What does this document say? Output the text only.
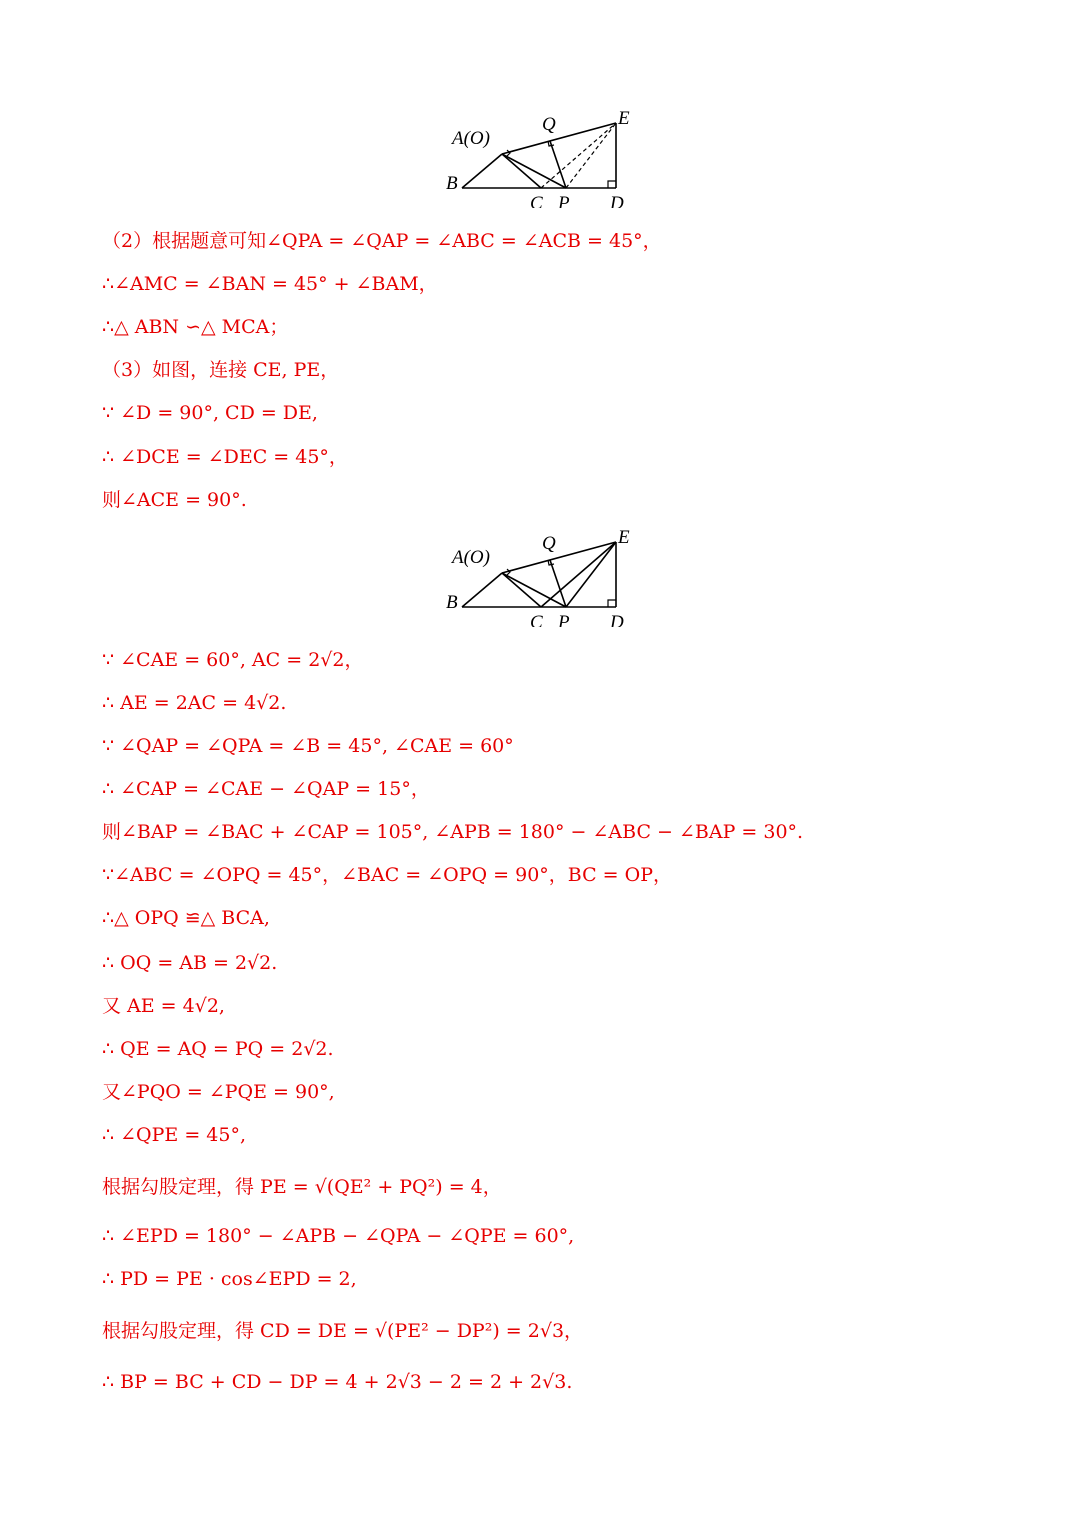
A(O)
Q	E
B
C P D
（2）根据题意可知∠QPA = ∠QAP = ∠ABC = ∠ACB = 45°，
∴∠AMC = ∠BAN = 45° + ∠BAM，
∴△ ABN ∽△ MCA；
（3）如图，连接 CE, PE，
∵ ∠D = 90°, CD = DE,
∴ ∠DCE = ∠DEC = 45°，
则∠ACE = 90°.
A(O)
Q	E
B
C P D
∵ ∠CAE = 60°, AC = 2√2，
∴ AE = 2AC = 4√2.
∵ ∠QAP = ∠QPA = ∠B = 45°, ∠CAE = 60°
∴ ∠CAP = ∠CAE − ∠QAP = 15°，
则∠BAP = ∠BAC + ∠CAP = 105°, ∠APB = 180° − ∠ABC − ∠BAP = 30°.
∵∠ABC = ∠OPQ = 45°，∠BAC = ∠OPQ = 90°，BC = OP，
∴△ OPQ ≌△ BCA,
∴ OQ = AB = 2√2.
又 AE = 4√2,
∴ QE = AQ = PQ = 2√2.
又∠PQO = ∠PQE = 90°,
∴ ∠QPE = 45°,
根据勾股定理，得 PE = √(QE² + PQ²) = 4，
∴ ∠EPD = 180° − ∠APB − ∠QPA − ∠QPE = 60°,
∴ PD = PE · cos∠EPD = 2,
根据勾股定理，得 CD = DE = √(PE² − DP²) = 2√3，
∴ BP = BC + CD − DP = 4 + 2√3 − 2 = 2 + 2√3.
